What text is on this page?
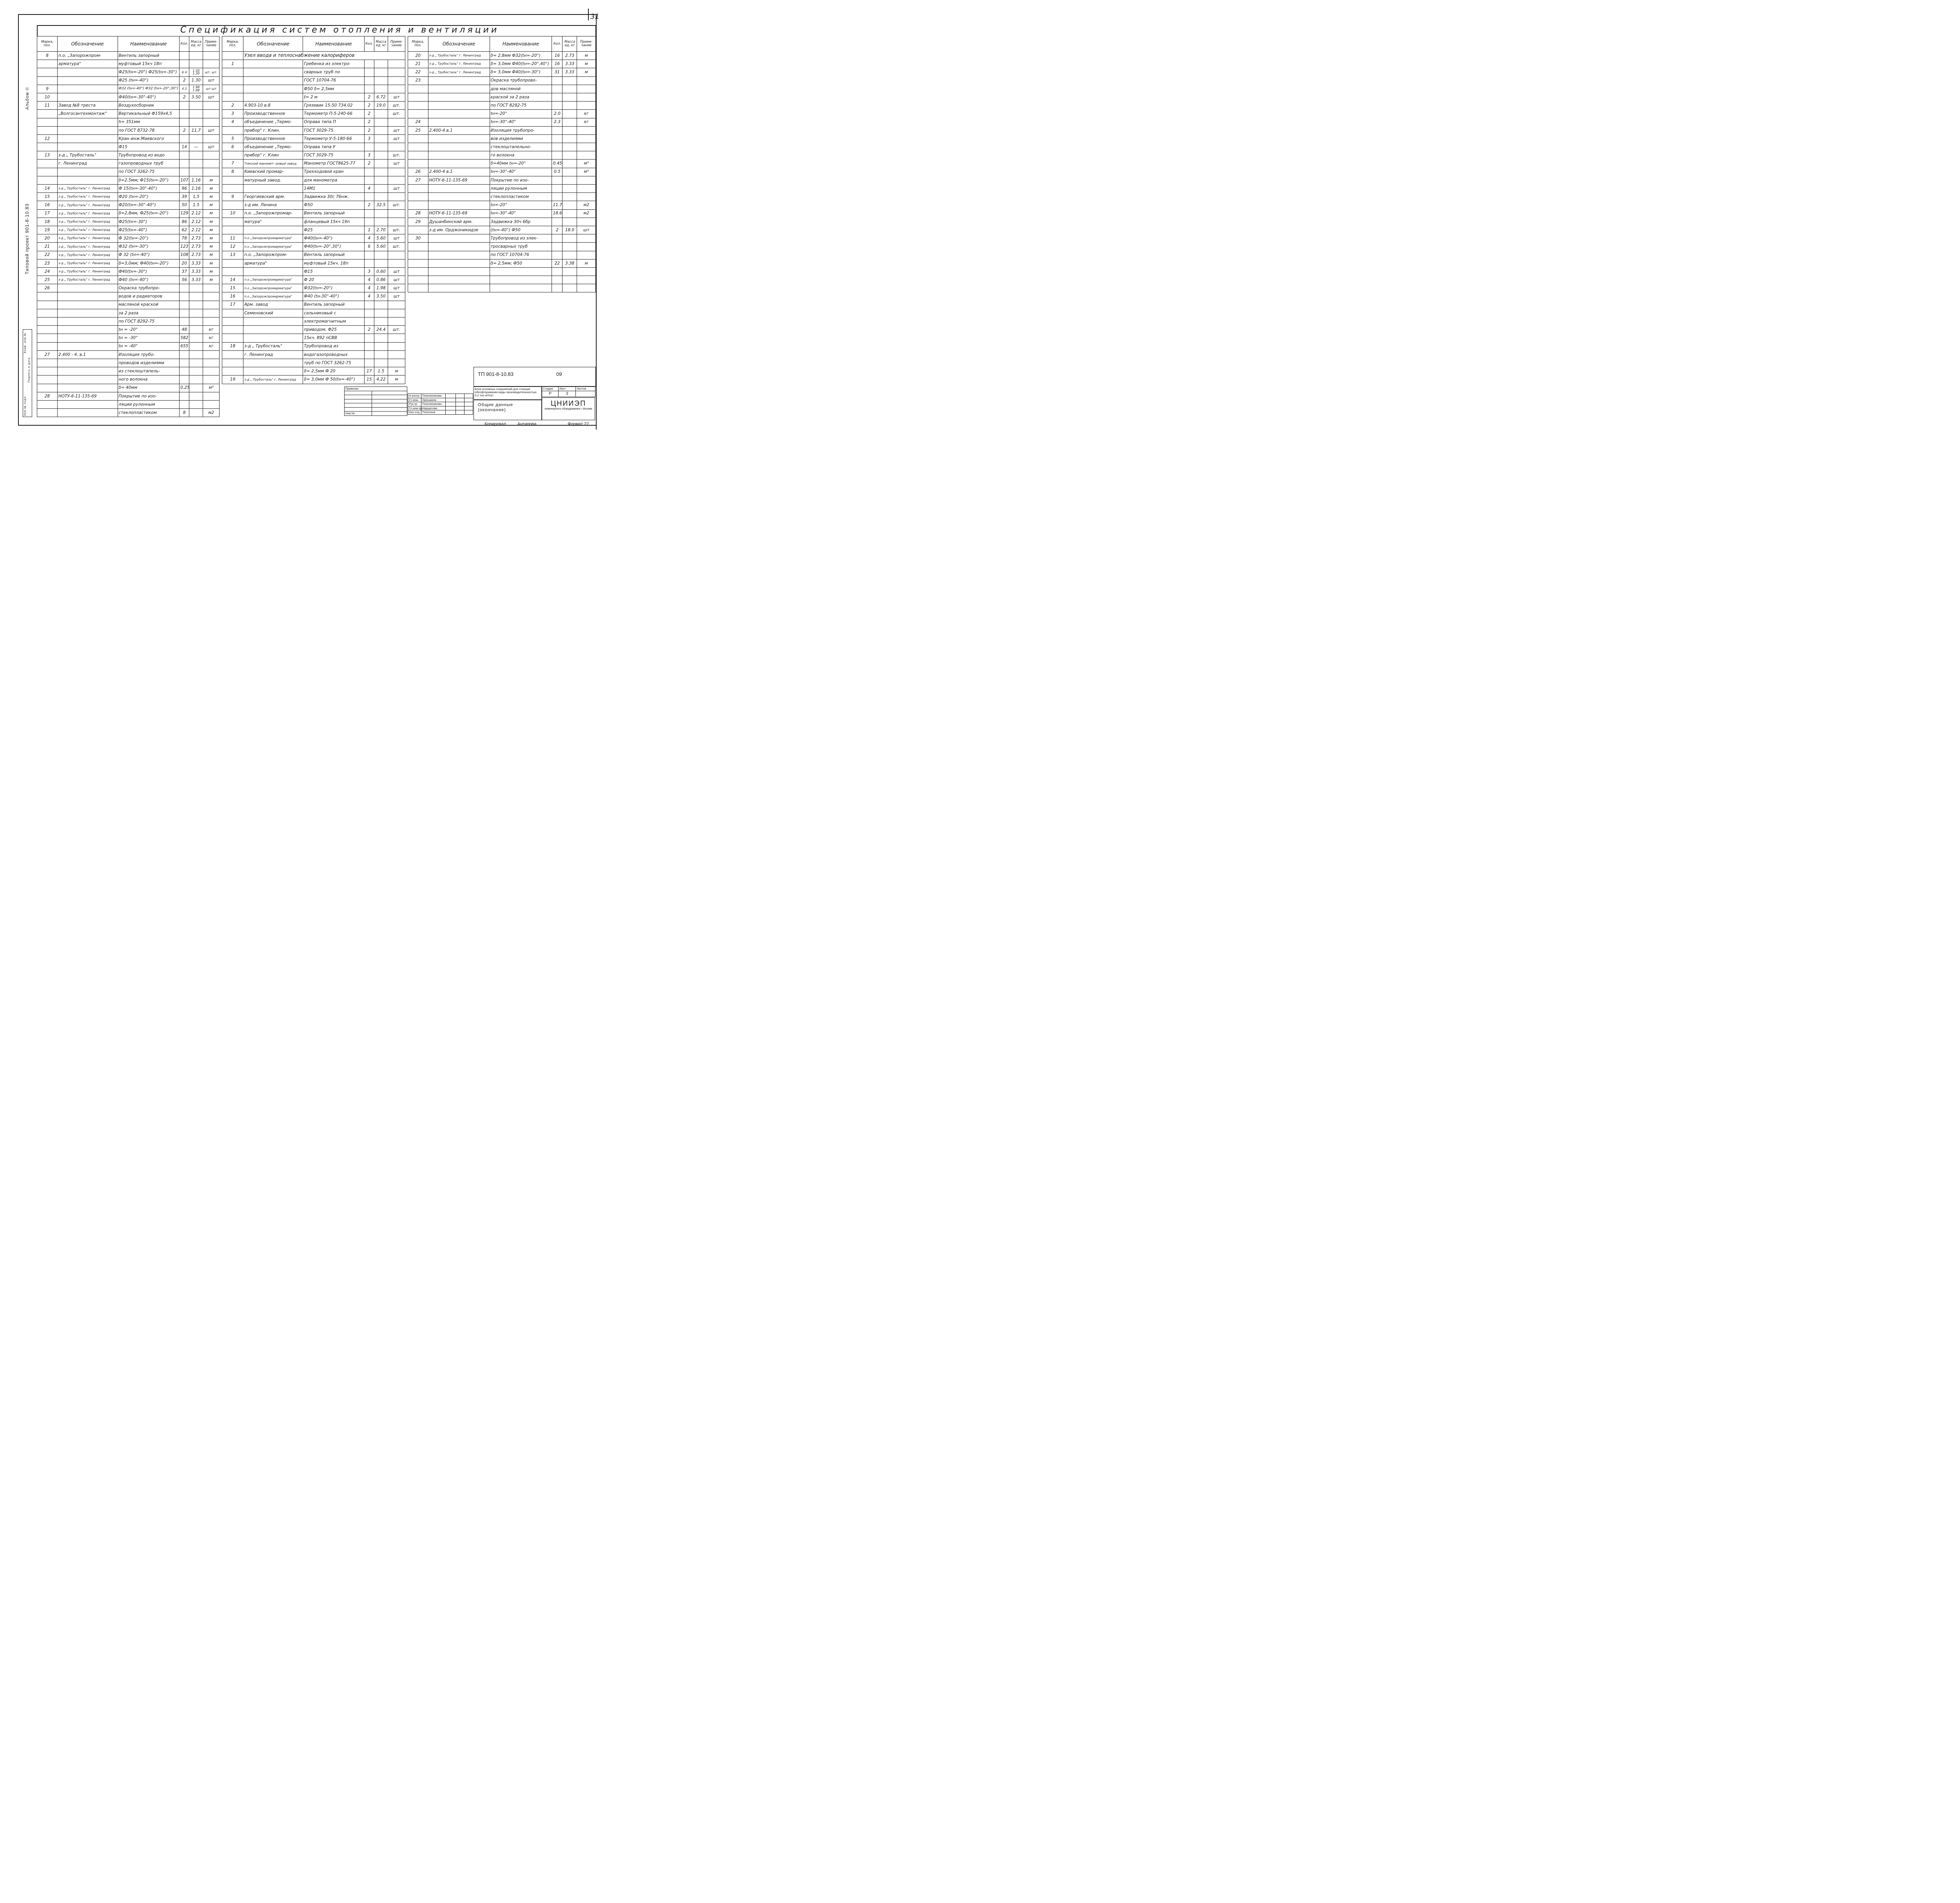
31
Альбом II
Типовой проект 901-8-10.83
Инв.№ подл.
Подпись и дата
Взам. инв.№
Спецификация систем отопления и вентиляции
Марка, поз.	Обозначение	Наименование	Кол.	Масса ед. кг	Приме- чание
8	п.о. „Запорожпром-	Вентиль запорный			
	арматура"	муфтовый 15кч 18п			
		Ф25(tн=-20°) Ф25(tн=-30°)	6 4	1.30 1.30	шт. шт.
		Ф25 (tн=-40°)	2	1.30	шт
9		Ф32 (tн=-40°) Ф32 (tн=-20°,30°)	4 2	1.98 1.98	шт шт
10		Ф40(tн=-30°-40°)	2	3.50	шт
11	Завод №8 треста	Воздухосборник			
	„Волгосантехмонтаж"	Вертикальный Ф159х4,5			
		h= 351мм			
		по ГОСТ 8732-78	2	11,7	шт
12		Кран инж.Маевского			
		Ф15	14	—	шт
13	з-д „ Трубосталь"	Трубопровод из водо			
	г. Ленинград	газопроводных труб			
		по ГОСТ 3262-75			
		δ=2.5мм; Ф15(tн=-20°)	107	1.16	м
14	з-д „ Трубосталь" г. Ленинград	Ф 15(tн=-30°-40°)	96	1.16	м
15	з-д „ Трубосталь" г. Ленинград	Ф20 (tн=-20°)	39	1,5	м
16	з-д „ Трубосталь" г. Ленинград	Ф20(tн=-30°-40°)	50	1.5	м
17	з-д „ Трубосталь" г. Ленинград	δ=2,8мм, Ф25(tн=-20°)	129	2.12	м
18	з-д „ Трубосталь" г. Ленинград	Ф25(tн=-30°)	86	2.12	м
19	з-д „ Трубосталь" г. Ленинград	Ф25(tн=-40°)	62	2.12	м
20	з-д „ Трубосталь" г. Ленинград	Ф 32(tн=-20°)	78	2.73	м
21	з-д „ Трубосталь" г. Ленинград	Ф32 (tн=-30°)	123	2.73	м
22	з-д „ Трубосталь" г. Ленинград	Ф 32 (tн=-40°)	108	2.73	м
23	з-д „ Трубосталь" г. Ленинград	δ=3,0мм; Ф40(tн=-20°)	20	3.33	м
24	з-д „ Трубосталь" г. Ленинград	Ф40(tн=-30°)	37	3.33	м
25	з-д „ Трубосталь" г. Ленинград	Ф40 (tн=-40°)	56	3.33	м
26		Окраска трубопро-			
		водов и радиаторов			
		масляной краской			
		за 2 раза			
		по ГОСТ 8292-75			
		tн = -20°	48		кг
		tн = -30°	582		кг
		tн = -40°	655		кг
27	2.400 - 4. в.1	Изоляция трубо-			
		проводов изделиями			
		из стеклоштапель-			
		ного волокна			
		δ= 40мм	0.25		м³
28	НОТУ-6-11-135-69	Покрытие по изо-			
		ляции рулонным			
		стеклопластиком	8		м2
Марка, поз.	Обозначение	Наименование	Кол.	Масса ед. кг	Приме- чание
	Узел ввода и теплоснабжение калориферов				
1		Гребенка из электро-			
		сварных труб по			
		ГОСТ 10704-76			
		Ф50 δ= 2,5мм			
		ℓ= 2 м	2	6.72	шт
2	4.903-10 в.8	Грязевик 15-50 734.02	2	19.0	шт.
3	Производственное	Термометр П-5-240-66	2		шт.
4	объединение „Термо-	Оправа типа П	2		
	прибор" г. Клин.	ГОСТ 3029-75	2		шт
5	Производственное	Термометр У-5-180-66	3		шт
6	объединение „Термо-	Оправа типа У			
	прибор" г. Клин	ГОСТ 3029-75	3		шт.
7	Томский маномет- ровый завод	Манометр ГОСТ8625-77	2		шт
8	Киевский промар-	Трехходовой кран			
	матурный завод.	для манометра			
		14М1	4		шт
9	Георгиевский арм.	Задвижка 30с 76нж.			
	з-д им. Ленина	Ф50	2	32.5	шт.
10	п.о. „Запорожпромар-	Вентиль запорный			
	матура"	фланцевый 15кч 19п			
		Ф25	1	2.70	шт.
11	п.о „Запорожпромарматура"	Ф40(tн=-40°)	4	5.60	шт
12	п.о „Запорожпромарматура"	Ф40(tн=-20°,30°)	6	5.60	шт.
13	п.о. „Запорожпром-	Вентиль запорный			
	арматура"	муфтовый 15кч. 18п			
		Ф15	3	0.60	шт
14	п.о „Запорожпромарматура"	Ф 20	4	0.86	шт
15	п.о „Запорожпромарматура"	Ф32(tн=-20°)	4	1.98	шт
16	п.о „Запорожпромарматура"	Ф40 (tн-30°-40°)	4	3.50	шт
17	Арм. завод	Вентиль запорный			
	Семеновский	сальниковый с			
		электромагнитным			
		приводом. Ф25	2	24.4	шт.
		15кч. 892 пСВВ			
18	з-д „ Трубосталь"	Трубопровод из			
	г. Ленинград	водогазопроводных			
		труб по ГОСТ 3262-75			
		δ= 2,5мм Ф 20	17	1.5	м
19	з-д „ Трубосталь" г. Ленинград	δ= 3,0мм Ф 50(tн=-40°)	15	4.22	м
Марка, поз.	Обозначение	Наименование	Кол.	Масса ед. кг	Приме- чание
20	з-д „ Трубосталь" г. Ленинград	δ= 2,8мм Ф32(tн=-20°)	16	2.73	м
21	з-д „ Трубосталь" г. Ленинград	δ= 3,0мм Ф40(tн=-20°,40°)	16	3.33	м
22	з-д „ Трубосталь" г. Ленинград	δ= 3,0мм Ф40(tн=-30°)	31	3.33	м
23		Окраска трубопрово-			
		дов масляной			
		краской за 2 раза			
		по ГОСТ 8292-75			
		tн=-20°	2.0		кг
24		tн=-30°-40°	2.3		кг
25	2.400-4 в.1	Изоляция трубопро-			
		вов изделиями			
		стеклоштапельно-			
		го волокна			
		δ=40мм tн=-20°	0.45		м³
26	2.400-4 в.1	tн=-30°-40°	0.5		м³
27	НОТУ-6-11-135-69	Покрытие по изо-			
		ляции рулонным			
		стеклопластиком			
		tн=-20°	11.7		м2
28	НОТУ-6-11-135-69	tн=-30°-40°	18.6		м2
29	Душанбинский арм.	Задвижка 30ч 6бр			
	з-д им. Орджоникидзе	(tн=-40°) Ф50	2	18.0	шт
30		Трубопровод из элек-			
		тросварных труб			
		по ГОСТ 10704-76			
		δ= 2,5мм; Ф50	22	3.38	м

Привязан	

Инв.№	
Н.контр.	Платинникова			
Ст.инж.	Орешкина			
Рук.гр.	Платинникова			
Гл.инж.пр.	Нарцисова			
Нач.отд.	Платонов			
ТП 901-8-10.83	09
Блок основных сооружений для станции обесфторивания воды производительностью 3,2 тыс.м³/сут
Общие данные (окончание)
Стадия	Лист	Листов
Р	3	
ЦНИИЭП
инженерного оборудования г. Москва
Копировал	Антипова	Формат 22
